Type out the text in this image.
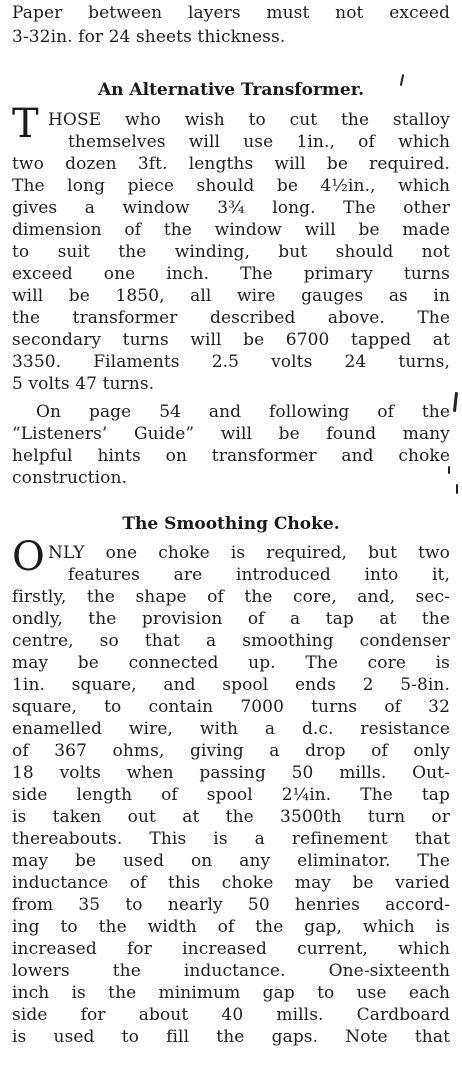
Paper between layers must not exceed
3-32in. for 24 sheets thickness.
An Alternative Transformer.
T HOSE who wish to cut the stalloy
themselves will use 1in., of which
two dozen 3ft. lengths will be required.
The long piece should be 4½in., which
gives a window 3¾ long. The other
dimension of the window will be made
to suit the winding, but should not
exceed one inch. The primary turns
will be 1850, all wire gauges as in
the transformer described above. The
secondary turns will be 6700 tapped at
3350. Filaments 2.5 volts 24 turns,
5 volts 47 turns.
On page 54 and following of the
“Listeners’ Guide” will be found many
helpful hints on transformer and choke
construction.
The Smoothing Choke.
O NLY one choke is required, but two
features are introduced into it,
firstly, the shape of the core, and, sec-
ondly, the provision of a tap at the
centre, so that a smoothing condenser
may be connected up. The core is
1in. square, and spool ends 2 5-8in.
square, to contain 7000 turns of 32
enamelled wire, with a d.c. resistance
of 367 ohms, giving a drop of only
18 volts when passing 50 mills. Out-
side length of spool 2¼in. The tap
is taken out at the 3500th turn or
thereabouts. This is a refinement that
may be used on any eliminator. The
inductance of this choke may be varied
from 35 to nearly 50 henries accord-
ing to the width of the gap, which is
increased for increased current, which
lowers the inductance. One-sixteenth
inch is the minimum gap to use each
side for about 40 mills. Cardboard
is used to fill the gaps. Note that
